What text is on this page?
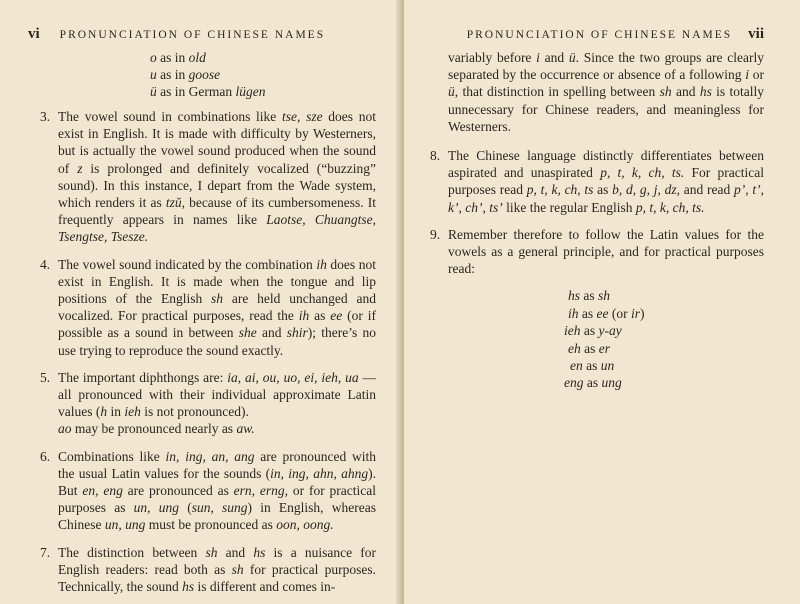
vi PRONUNCIATION OF CHINESE NAMES
o as in old
u as in goose
ü as in German lügen
3. The vowel sound in combinations like tse, sze does not exist in English. It is made with difficulty by Westerners, but is actually the vowel sound produced when the sound of z is prolonged and definitely vocalized (“buzzing” sound). In this instance, I depart from the Wade system, which renders it as tzŭ, because of its cumbersomeness. It frequently appears in names like Laotse, Chuangtse, Tsengtse, Tsesze.
4. The vowel sound indicated by the combination ih does not exist in English. It is made when the tongue and lip positions of the English sh are held unchanged and vocalized. For practical purposes, read the ih as ee (or if possible as a sound in between she and shir); there’s no use trying to reproduce the sound exactly.
5. The important diphthongs are: ia, ai, ou, uo, ei, ieh, ua —all pronounced with their individual approximate Latin values (h in ieh is not pronounced).
ao may be pronounced nearly as aw.
6. Combinations like in, ing, an, ang are pronounced with the usual Latin values for the sounds (in, ing, ahn, ahng). But en, eng are pronounced as ern, erng, or for practical purposes as un, ung (sun, sung) in English, whereas Chinese un, ung must be pronounced as oon, oong.
7. The distinction between sh and hs is a nuisance for English readers: read both as sh for practical purposes. Technically, the sound hs is different and comes in-
PRONUNCIATION OF CHINESE NAMES vii
variably before i and ü. Since the two groups are clearly separated by the occurrence or absence of a following i or ü, that distinction in spelling between sh and hs is totally unnecessary for Chinese readers, and meaningless for Westerners.
8. The Chinese language distinctly differentiates between aspirated and unaspirated p, t, k, ch, ts. For practical purposes read p, t, k, ch, ts as b, d, g, j, dz, and read p’, t’, k’, ch’, ts’ like the regular English p, t, k, ch, ts.
9. Remember therefore to follow the Latin values for the vowels as a general principle, and for practical purposes read:
hs as sh
ih as ee (or ir)
ieh as y-ay
eh as er
en as un
eng as ung
